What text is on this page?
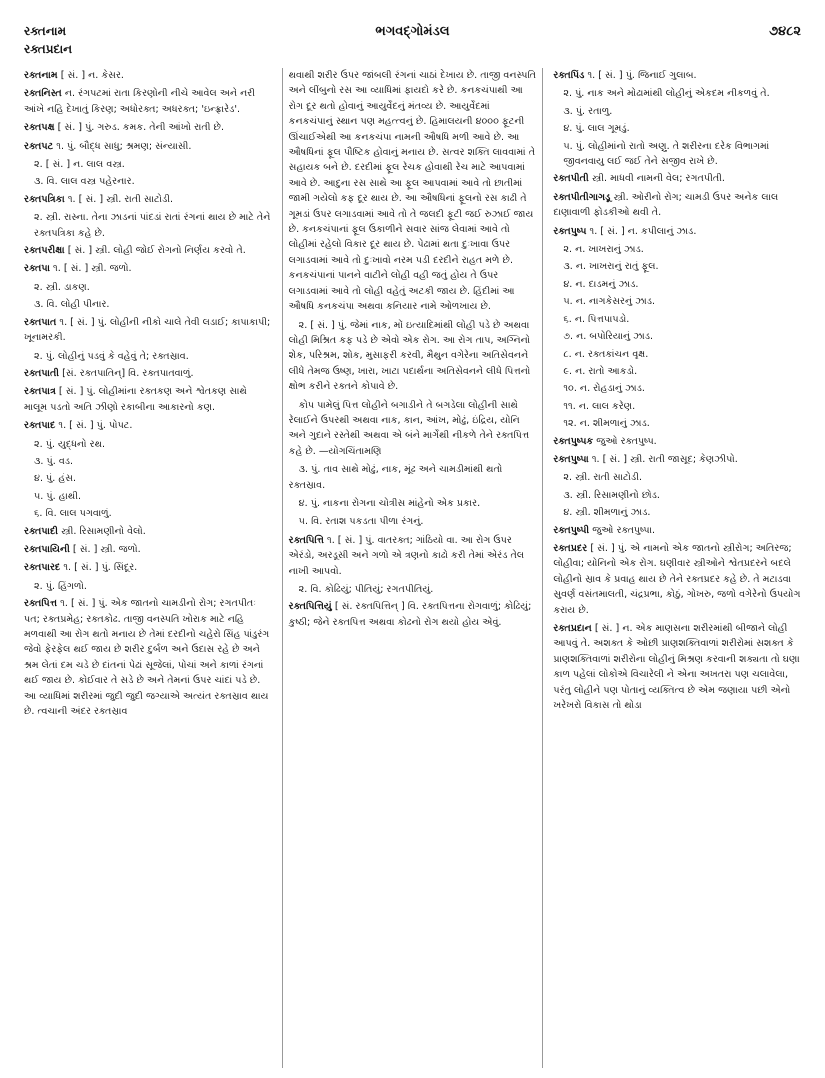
રક્તનામ
રક્તપ્રદાન
ભગવદ્ગોમંડલ	૭૪૮૨
રક્તનામ [ સં. ] ન. કેસર.
રક્તનિસ્ત ન. રંગપટમાં રાતા કિરણોની નીચે આવેલ અને નરી આંખે નહિ દેખાતું કિરણ; અધોરક્ત; અધરક્ત; 'ઇન્ફ્રારેડ'.
રક્તપક્ષ [ સં. ] પું. ગરુડ. કમક. તેની આંખો રાતી છે.
રક્તપટ ૧. પું. બૌદ્ધ સાધુ; શ્રમણ; સંન્યાસી.
૨. [ સં. ] ન. લાલ વસ્ત્ર.
૩. વિ. લાલ વસ્ત્ર પહેરનાર.
રક્તપત્રિકા ૧. [ સં. ] સ્ત્રી. રાતી સાટોડી.
૨. સ્ત્રી. રાસ્ના. તેના ઝાડનાં પાંદડાં રાતાં રંગનાં થાય છે માટે તેને રક્તપત્રિકા કહે છે.
રક્તપરીક્ષા [ સં. ] સ્ત્રી. લોહી જોઈ રોગનો નિર્ણય કરવો તે.
રક્તપા ૧. [ સં. ] સ્ત્રી. જળો.
૨. સ્ત્રી. ડાકણ.
૩. વિ. લોહી પીનાર.
રક્તપાત ૧. [ સં. ] પું. લોહીની નીકો ચાલે તેવી લડાઈ; કાપાકાપી; ખૂનામરકી.
૨. પું. લોહીનું પડવું કે વહેવું તે; રક્તસ્રાવ.
રક્તપાતી [સં. રક્તપાતિન્] વિ. રક્તપાતવાળું.
રક્તપાત્ર [ સં. ] પું. લોહીમાંના રક્તકણ અને શ્વેતકણ સાથે માલૂમ પડતો અતિ ઝીણો રકાબીના આકારનો કણ.
રક્તપાદ ૧. [ સં. ] પું. પોપટ.
૨. પું. યુદ્ધનો રથ.
૩. પું. વડ.
૪. પું. હંસ.
૫. પું. હાથી.
૬. વિ. લાલ પગવાળું.
રક્તપાદી સ્ત્રી. રિસામણીનો વેલો.
રક્તપાયિની [ સં. ] સ્ત્રી. જળો.
રક્તપારદ ૧. [ સં. ] પું. સિંદૂર.
૨. પું. હિંગળો.
રક્તપિત્ત ૧. [ સં. ] પું. એક જાતનો ચામડીનો રોગ; રગતપીતઃ પત; રક્તપ્રમેહ; રક્તકોઢ. તાજી વનસ્પતિ ખોરાક માટે નહિ મળવાથી આ રોગ થતો મનાય છે તેમાં દરદીનો ચહેરો સિંહ પાંડુરંગ જેવો ફેરફેલ થઈ જાય છે શરીર દુર્બળ અને ઉદાસ રહે છે અને શ્રમ લેતાં દમ ચડે છે દાંતનાં પેઢાં સૂજેલાં, પોચાં અને કાળાં રંગનાં થઈ જાય છે. કોઈવાર તે સડે છે અને તેમનાં ઉપર ચાંદાં પડે છે. આ વ્યાધિમાં શરીરમાં જુદી જુદી જગ્યાએ અત્યંત રક્તસ્રાવ થાય છે. ત્વચાની અંદર રક્તસ્રાવ
થવાથી શરીર ઉપર જાંબલી રંગનાં ચાઠાં દેખાય છે. તાજી વનસ્પતિ અને લીંબુનો રસ આ વ્યાધિમાં ફાયદો કરે છે. કનકચંપાથી આ રોગ દૂર થતો હોવાનું આયુર્વેદનું મંતવ્ય છે. આયુર્વેદમાં કનકચંપાનું સ્થાન પણ મહત્ત્વનું છે. હિમાલયની ૪૦૦૦ ફૂટની ઊંચાઈએથી આ કનકચંપા નામની ઔષધિ મળી આવે છે. આ ઔષધિનાં ફૂલ પૌષ્ટિક હોવાનું મનાય છે. સત્વર શક્તિ લાવવામાં તે સહાયક બને છે. દરદીમાં ફૂલ રેચક હોવાથી રેચ માટે આપવામાં આવે છે. આદુના રસ સાથે આ ફૂલ આપવામાં આવે તો છાતીમાં જામી ગયેલો કફ દૂર થાય છે. આ ઔષધિનાં ફૂલનો રસ કાઢી તે ગૂમડાં ઉપર લગાડવામાં આવે તો તે જલદી ફૂટી જઈ રુઝાઈ જાય છે. કનકચંપાનાં ફૂલ ઉકાળીને સવાર સાંજ લેવામાં આવે તો લોહીમાં રહેલો વિકાર દૂર થાય છે. પેઢામાં થતા દુઃખાવા ઉપર લગાડવામાં આવે તો દુઃખાવો નરમ પડી દરદીને રાહત મળે છે. કનકચંપાનાં પાનને વાટીને લોહી વહી જતું હોય તે ઉપર લગાડવામાં આવે તો લોહી વહેતું અટકી જાય છે. હિંદીમાં આ ઔષધિ કનકચંપા અથવા કનિયાર નામે ઓળખાય છે.
૨. [ સં. ] પું. જેમાં નાક, મોં ઇત્યાદિમાંથી લોહી પડે છે અથવા લોહી મિશ્રિત કફ પડે છે એવો એક રોગ. આ રોગ તાપ, અગ્નિનો શેક, પરિશ્રમ, શોક, મુસાફરી કરવી, મૈથુન વગેરેના અતિસેવનને લીધે તેમજ ઉષ્ણ, ખારા, ખાટા પદાર્થના અતિસેવનને લીધે પિત્તનો ક્ષોભ કરીને રક્તને કોપાવે છે.
કોપ પામેલું પિત્ત લોહીને બગાડીને તે બગડેલા લોહીની સાથે રેલાઈને ઉપરથી અથવા નાક, કાન, આંખ, મોઢું, ઇંદ્રિય, યોનિ અને ગુદાને રસ્તેથી અથવા એ બંને માર્ગેથી નીકળે તેને રક્તપિત્ત કહે છે. —યોગચિંતામણિ
૩. પું. તાવ સાથે મોઢું, નાક, મૂંઢ અને ચામડીમાંથી થતો રક્તસ્રાવ.
૪. પું. નાકના રોગના ચોત્રીસ માંહેનો એક પ્રકાર.
૫. વિ. રતાશ પકડતા પીળા રંગનું.
રક્તપિત્તિ ૧. [ સં. ] પું. વાતરક્ત; ગાંઠિયો વા. આ રોગ ઉપર એરંડો, અરડૂસી અને ગળો એ ત્રણનો કાઢો કરી તેમાં એરંડ તેલ નાખી આપવો.
૨. વિ. કોઢિયું; પીતિયું; રગતપીતિયું.
રક્તપિત્તિયું [ સં. રક્તપિત્તિન્ ] વિ. રક્તપિત્તના રોગવાળું; કોઢિયું; કુષ્ઠી; જેને રક્તપિત્ત અથવા કોઢનો રોગ થયો હોય એવું.
રક્તપિંડ ૧. [ સં. ] પું. જિનાઈ ગુલાબ.
૨. પું. નાક અને મોઢામાંથી લોહીનું એકદમ નીકળવું તે.
૩. પું. રતાળુ.
૪. પું. લાલ ગૂમડું.
૫. પું. લોહીમાંનો રાતો અણુ. તે શરીરના દરેક વિભાગમાં જીવનવાયુ લઈ જઈ તેને સજીવ રાખે છે.
રક્તપીતી સ્ત્રી. માધવી નામની વેલ; રગતપીતી.
રક્તપીતીગાગડૂ સ્ત્રી. ઓરીનો રોગ; ચામડી ઉપર અનેક લાલ દાણાવાળી ફોડકીઓ થવી તે.
રક્તપુષ્પ ૧. [ સં. ] ન. કપીલાનું ઝાડ.
૨. ન. ખાખરાનું ઝાડ.
૩. ન. ખાખરાનું રાતું ફૂલ.
૪. ન. દાડમનું ઝાડ.
૫. ન. નાગકેસરનું ઝાડ.
૬. ન. પિત્તપાપડો.
૭. ન. બપોરિયાનું ઝાડ.
૮. ન. રક્તકાંચન વૃક્ષ.
૯. ન. રાતો આકડો.
૧૦. ન. રોહડાનું ઝાડ.
૧૧. ન. લાલ કરેણ.
૧૨. ન. શીમળાનું ઝાડ.
રક્તપુષ્પક જુઓ રક્તપુષ્પ.
રક્તપુષ્પા ૧. [ સં. ] સ્ત્રી. રાતી જાસૂદ; કેણઝીપો.
૨. સ્ત્રી. રાતી સાટોડી.
૩. સ્ત્રી. રિસામણીનો છોડ.
૪. સ્ત્રી. શીમળાનું ઝાડ.
રક્તપુષ્પી જુઓ રક્તપુષ્પા.
રક્તપ્રદર [ સં. ] પું. એ નામનો એક જાતનો સ્ત્રીરોગ; અતિરજ; લોહીવા; યોનિનો એક રોગ. ઘણીવાર સ્ત્રીઓને શ્વેતપ્રદરને બદલે લોહીનો સ્રાવ કે પ્રવાહ થાય છે તેને રક્તપ્રદર કહે છે. તે મટાડવા સુવર્ણ વસંતમાલતી, ચંદ્રપ્રભા, કોઠું, ગોખરુ, જળો વગેરેનો ઉપયોગ કરાય છે.
રક્તપ્રદાન [ સં. ] ન. એક માણસના શરીરમાંથી બીજાને લોહી આપવું તે. અશક્ત કે ઓછી પ્રાણશક્તિવાળાં શરીરોમાં સશક્ત કે પ્રાણશક્તિવાળાં શરીરોના લોહીનું મિશ્રણ કરવાની શક્યતા તો ઘણા કાળ પહેલાં લોકોએ વિચારેલી ને એના અખતરા પણ ચલાવેલા, પરંતુ લોહીને પણ પોતાનું વ્યક્તિત્વ છે એમ જણાયા પછી એનો ખરેખરો વિકાસ તો થોડા
